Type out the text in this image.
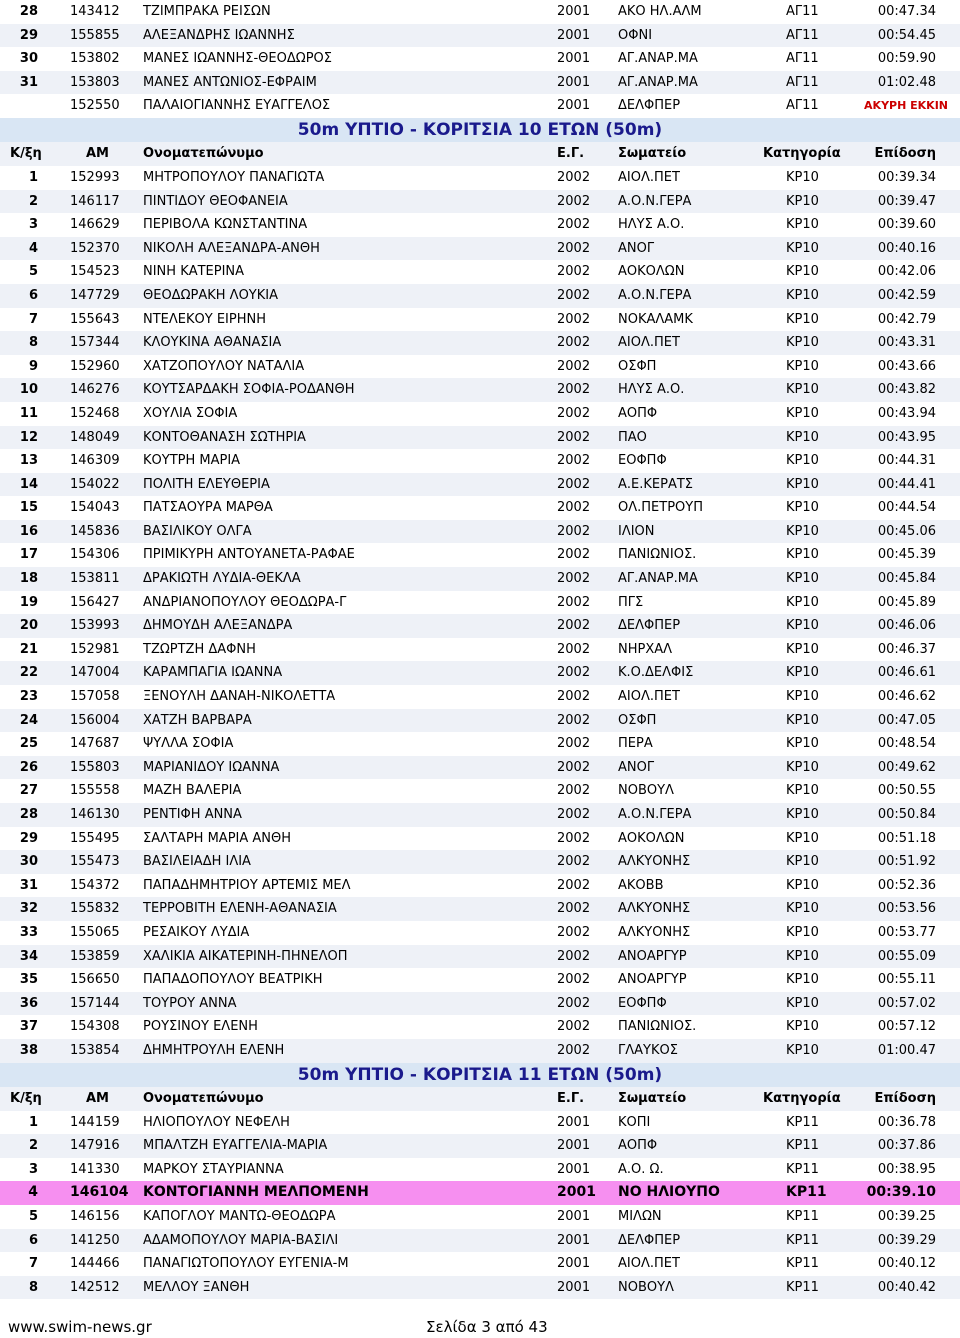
28 143412 ΤΖΙΜΠΡΑΚΑ ΡΕΙΣΩΝ	2001 ΑΚΟ ΗΛ.ΑΛΜ	ΑΓ11	00:47.34
29 155855 ΑΛΕΞΑΝΔΡΗΣ ΙΩΑΝΝΗΣ	2001 ΟΦΝΙ	ΑΓ11	00:54.45
30 153802 ΜΑΝΕΣ ΙΩΑΝΝΗΣ-ΘΕΟΔΩΡΟΣ	2001 ΑΓ.ΑΝΑΡ.ΜΑ	ΑΓ11	00:59.90
31 153803 ΜΑΝΕΣ ΑΝΤΩΝΙΟΣ-ΕΦΡΑΙΜ	2001 ΑΓ.ΑΝΑΡ.ΜΑ	ΑΓ11	01:02.48
152550 ΠΑΛΑΙΟΓΙΑΝΝΗΣ ΕΥΑΓΓΕΛΟΣ	2001 ΔΕΛΦΠΕΡ	ΑΓ11	ΑΚΥΡΗ ΕΚΚΙΝ
50m ΥΠΤΙΟ - ΚΟΡΙΤΣΙΑ 10 ΕΤΩΝ (50m)
Κ/ξη	ΑΜ	Ονοματεπώνυμο	Ε.Γ.	Σωματείο	Κατηγορία	Επίδοση
1 152993 ΜΗΤΡΟΠΟΥΛΟΥ ΠΑΝΑΓΙΩΤΑ	2002 ΑΙΟΛ.ΠΕΤ	ΚΡ10	00:39.34
2 146117 ΠΙΝΤΙΔΟΥ ΘΕΟΦΑΝΕΙΑ	2002 Α.Ο.Ν.ΓΕΡΑ	ΚΡ10	00:39.47
3 146629 ΠΕΡΙΒΟΛΑ ΚΩΝΣΤΑΝΤΙΝΑ	2002 ΗΛΥΣ Α.Ο.	ΚΡ10	00:39.60
4 152370 ΝΙΚΟΛΗ ΑΛΕΞΑΝΔΡΑ-ΑΝΘΗ	2002 ΑΝΟΓ	ΚΡ10	00:40.16
5 154523 ΝΙΝΗ ΚΑΤΕΡΙΝΑ	2002 ΑΟΚΟΛΩΝ	ΚΡ10	00:42.06
6 147729 ΘΕΟΔΩΡΑΚΗ ΛΟΥΚΙΑ	2002 Α.Ο.Ν.ΓΕΡΑ	ΚΡ10	00:42.59
7 155643 ΝΤΕΛΕΚΟΥ ΕΙΡΗΝΗ	2002 ΝΟΚΑΛΑΜΚ	ΚΡ10	00:42.79
8 157344 ΚΛΟΥΚΙΝΑ ΑΘΑΝΑΣΙΑ	2002 ΑΙΟΛ.ΠΕΤ	ΚΡ10	00:43.31
9 152960 ΧΑΤΖΟΠΟΥΛΟΥ ΝΑΤΑΛΙΑ	2002 ΟΣΦΠ	ΚΡ10	00:43.66
10 146276 ΚΟΥΤΣΑΡΔΑΚΗ ΣΟΦΙΑ-ΡΟΔΑΝΘΗ	2002 ΗΛΥΣ Α.Ο.	ΚΡ10	00:43.82
11 152468 ΧΟΥΛΙΑ ΣΟΦΙΑ	2002 ΑΟΠΦ	ΚΡ10	00:43.94
12 148049 ΚΟΝΤΟΘΑΝΑΣΗ ΣΩΤΗΡΙΑ	2002 ΠΑΟ	ΚΡ10	00:43.95
13 146309 ΚΟΥΤΡΗ ΜΑΡΙΑ	2002 ΕΟΦΠΦ	ΚΡ10	00:44.31
14 154022 ΠΟΛΙΤΗ ΕΛΕΥΘΕΡΙΑ	2002 Α.Ε.ΚΕΡΑΤΣ	ΚΡ10	00:44.41
15 154043 ΠΑΤΣΑΟΥΡΑ ΜΑΡΘΑ	2002 ΟΛ.ΠΕΤΡΟΥΠ	ΚΡ10	00:44.54
16 145836 ΒΑΣΙΛΙΚΟΥ ΟΛΓΑ	2002 ΙΛΙΟΝ	ΚΡ10	00:45.06
17 154306 ΠΡΙΜΙΚΥΡΗ ΑΝΤΟΥΑΝΕΤΑ-ΡΑΦΑΕ	2002 ΠΑΝΙΩΝΙΟΣ.	ΚΡ10	00:45.39
18 153811 ΔΡΑΚΙΩΤΗ ΛΥΔΙΑ-ΘΕΚΛΑ	2002 ΑΓ.ΑΝΑΡ.ΜΑ	ΚΡ10	00:45.84
19 156427 ΑΝΔΡΙΑΝΟΠΟΥΛΟΥ ΘΕΟΔΩΡΑ-Γ	2002 ΠΓΣ	ΚΡ10	00:45.89
20 153993 ΔΗΜΟΥΔΗ ΑΛΕΞΑΝΔΡΑ	2002 ΔΕΛΦΠΕΡ	ΚΡ10	00:46.06
21 152981 ΤΖΩΡΤΖΗ ΔΑΦΝΗ	2002 ΝΗΡΧΑΛ	ΚΡ10	00:46.37
22 147004 ΚΑΡΑΜΠΑΓΙΑ ΙΩΑΝΝΑ	2002 Κ.Ο.ΔΕΛΦΙΣ	ΚΡ10	00:46.61
23 157058 ΞΕΝΟΥΛΗ ΔΑΝΑΗ-ΝΙΚΟΛΕΤΤΑ	2002 ΑΙΟΛ.ΠΕΤ	ΚΡ10	00:46.62
24 156004 ΧΑΤΖΗ ΒΑΡΒΑΡΑ	2002 ΟΣΦΠ	ΚΡ10	00:47.05
25 147687 ΨΥΛΛΑ ΣΟΦΙΑ	2002 ΠΕΡΑ	ΚΡ10	00:48.54
26 155803 ΜΑΡΙΑΝΙΔΟΥ ΙΩΑΝΝΑ	2002 ΑΝΟΓ	ΚΡ10	00:49.62
27 155558 ΜΑΖΗ ΒΑΛΕΡΙΑ	2002 ΝΟΒΟΥΛ	ΚΡ10	00:50.55
28 146130 ΡΕΝΤΙΦΗ ΑΝΝΑ	2002 Α.Ο.Ν.ΓΕΡΑ	ΚΡ10	00:50.84
29 155495 ΣΑΛΤΑΡΗ ΜΑΡΙΑ ΑΝΘΗ	2002 ΑΟΚΟΛΩΝ	ΚΡ10	00:51.18
30 155473 ΒΑΣΙΛΕΙΑΔΗ ΙΛΙΑ	2002 ΑΛΚΥΟΝΗΣ	ΚΡ10	00:51.92
31 154372 ΠΑΠΑΔΗΜΗΤΡΙΟΥ ΑΡΤΕΜΙΣ ΜΕΛ	2002 ΑΚΟΒΒ	ΚΡ10	00:52.36
32 155832 ΤΕΡΡΟΒΙΤΗ ΕΛΕΝΗ-ΑΘΑΝΑΣΙΑ	2002 ΑΛΚΥΟΝΗΣ	ΚΡ10	00:53.56
33 155065 ΡΕΣΑΙΚΟΥ ΛΥΔΙΑ	2002 ΑΛΚΥΟΝΗΣ	ΚΡ10	00:53.77
34 153859 ΧΑΛΙΚΙΑ ΑΙΚΑΤΕΡΙΝΗ-ΠΗΝΕΛΟΠ	2002 ΑΝΟΑΡΓΥΡ	ΚΡ10	00:55.09
35 156650 ΠΑΠΑΔΟΠΟΥΛΟΥ ΒΕΑΤΡΙΚΗ	2002 ΑΝΟΑΡΓΥΡ	ΚΡ10	00:55.11
36 157144 ΤΟΥΡΟΥ ΑΝΝΑ	2002 ΕΟΦΠΦ	ΚΡ10	00:57.02
37 154308 ΡΟΥΣΙΝΟΥ ΕΛΕΝΗ	2002 ΠΑΝΙΩΝΙΟΣ.	ΚΡ10	00:57.12
38 153854 ΔΗΜΗΤΡΟΥΛΗ ΕΛΕΝΗ	2002 ΓΛΑΥΚΟΣ	ΚΡ10	01:00.47
50m ΥΠΤΙΟ - ΚΟΡΙΤΣΙΑ 11 ΕΤΩΝ (50m)
Κ/ξη	ΑΜ	Ονοματεπώνυμο	Ε.Γ.	Σωματείο	Κατηγορία	Επίδοση
1 144159 ΗΛΙΟΠΟΥΛΟΥ ΝΕΦΕΛΗ	2001 ΚΟΠΙ	ΚΡ11	00:36.78
2 147916 ΜΠΑΛΤΖΗ ΕΥΑΓΓΕΛΙΑ-ΜΑΡΙΑ	2001 ΑΟΠΦ	ΚΡ11	00:37.86
3 141330 ΜΑΡΚΟΥ ΣΤΑΥΡΙΑΝΝΑ	2001 Α.Ο. Ω.	ΚΡ11	00:38.95
4 146104 ΚΟΝΤΟΓΙΑΝΝΗ ΜΕΛΠΟΜΕΝΗ	2001 ΝΟ ΗΛΙΟΥΠΟ	ΚΡ11	00:39.10
5 146156 ΚΑΠΟΓΛΟΥ ΜΑΝΤΩ-ΘΕΟΔΩΡΑ	2001 ΜΙΛΩΝ	ΚΡ11	00:39.25
6 141250 ΑΔΑΜΟΠΟΥΛΟΥ ΜΑΡΙΑ-ΒΑΣΙΛΙ	2001 ΔΕΛΦΠΕΡ	ΚΡ11	00:39.29
7 144466 ΠΑΝΑΓΙΩΤΟΠΟΥΛΟΥ ΕΥΓΕΝΙΑ-Μ	2001 ΑΙΟΛ.ΠΕΤ	ΚΡ11	00:40.12
8 142512 ΜΕΛΛΟΥ ΞΑΝΘΗ	2001 ΝΟΒΟΥΛ	ΚΡ11	00:40.42
www.swim-news.gr	Σελίδα 3 από 43
